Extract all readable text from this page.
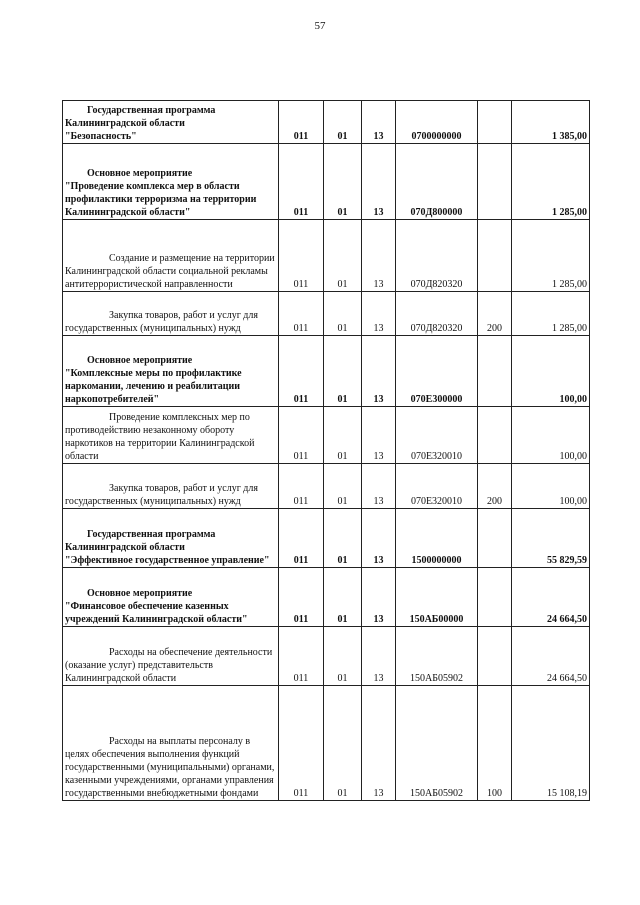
57
Государственная программа
Калининградской области
"Безопасность"	011	01	13	0700000000		1 385,00
Основное мероприятие
"Проведение комплекса мер в области профилактики терроризма на территории Калининградской области"	011	01	13	070Д800000		1 285,00
Создание и размещение на территории Калининградской области социальной рекламы антитеррористической направленности	011	01	13	070Д820320		1 285,00
Закупка товаров, работ и услуг для государственных (муниципальных) нужд	011	01	13	070Д820320	200	1 285,00
Основное мероприятие
"Комплексные меры по профилактике наркомании, лечению и реабилитации наркопотребителей"	011	01	13	070Е300000		100,00
Проведение комплексных мер по противодействию незаконному обороту наркотиков на территории Калининградской области	011	01	13	070Е320010		100,00
Закупка товаров, работ и услуг для государственных (муниципальных) нужд	011	01	13	070Е320010	200	100,00
Государственная программа
Калининградской области
"Эффективное государственное управление"	011	01	13	1500000000		55 829,59
Основное мероприятие
"Финансовое обеспечение казенных учреждений Калининградской области"	011	01	13	150АБ00000		24 664,50
Расходы на обеспечение деятельности (оказание услуг) представительств Калининградской области	011	01	13	150АБ05902		24 664,50
Расходы на выплаты персоналу в целях обеспечения выполнения функций государственными (муниципальными) органами, казенными учреждениями, органами управления государственными внебюджетными фондами	011	01	13	150АБ05902	100	15 108,19
